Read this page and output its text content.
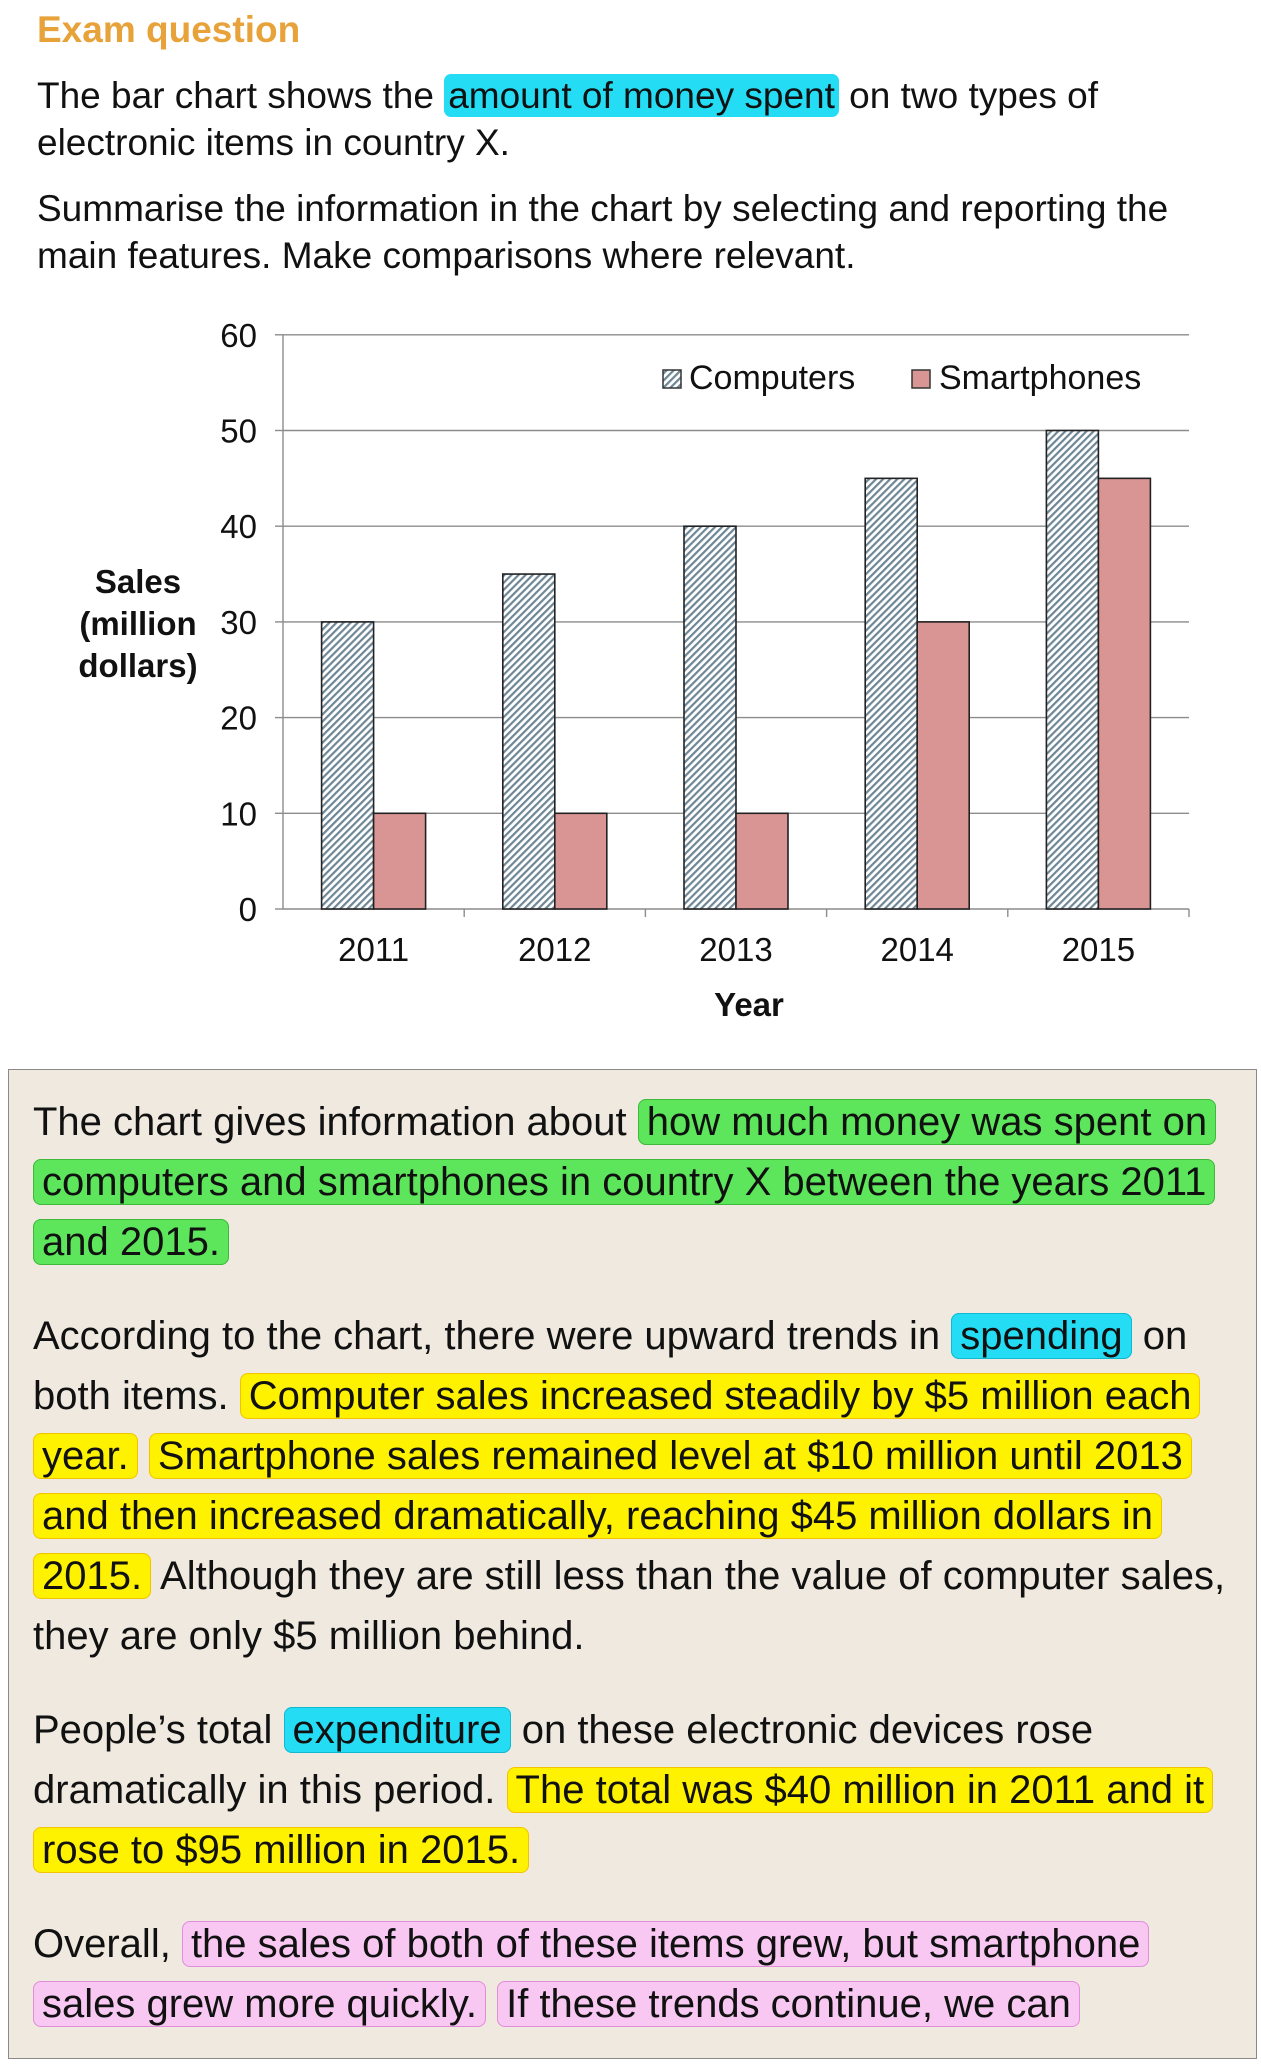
Exam question

The bar chart shows the amount of money spent on two types of electronic items in country X.

Summarise the information in the chart by selecting and reporting the main features. Make comparisons where relevant.

0
10
20
30
40
50
60
2011	2012	2013	2014	2015
Sales
(million
dollars)
Year
Computers Smartphones

The chart gives information about how much money was spent on computers and smartphones in country X between the years 2011 and 2015.

According to the chart, there were upward trends in spending on both items. Computer sales increased steadily by $5 million each year. Smartphone sales remained level at $10 million until 2013 and then increased dramatically, reaching $45 million dollars in 2015. Although they are still less than the value of computer sales, they are only $5 million behind.

People’s total expenditure on these electronic devices rose dramatically in this period. The total was $40 million in 2011 and it rose to $95 million in 2015.

Overall, the sales of both of these items grew, but smartphone sales grew more quickly. If these trends continue, we can
